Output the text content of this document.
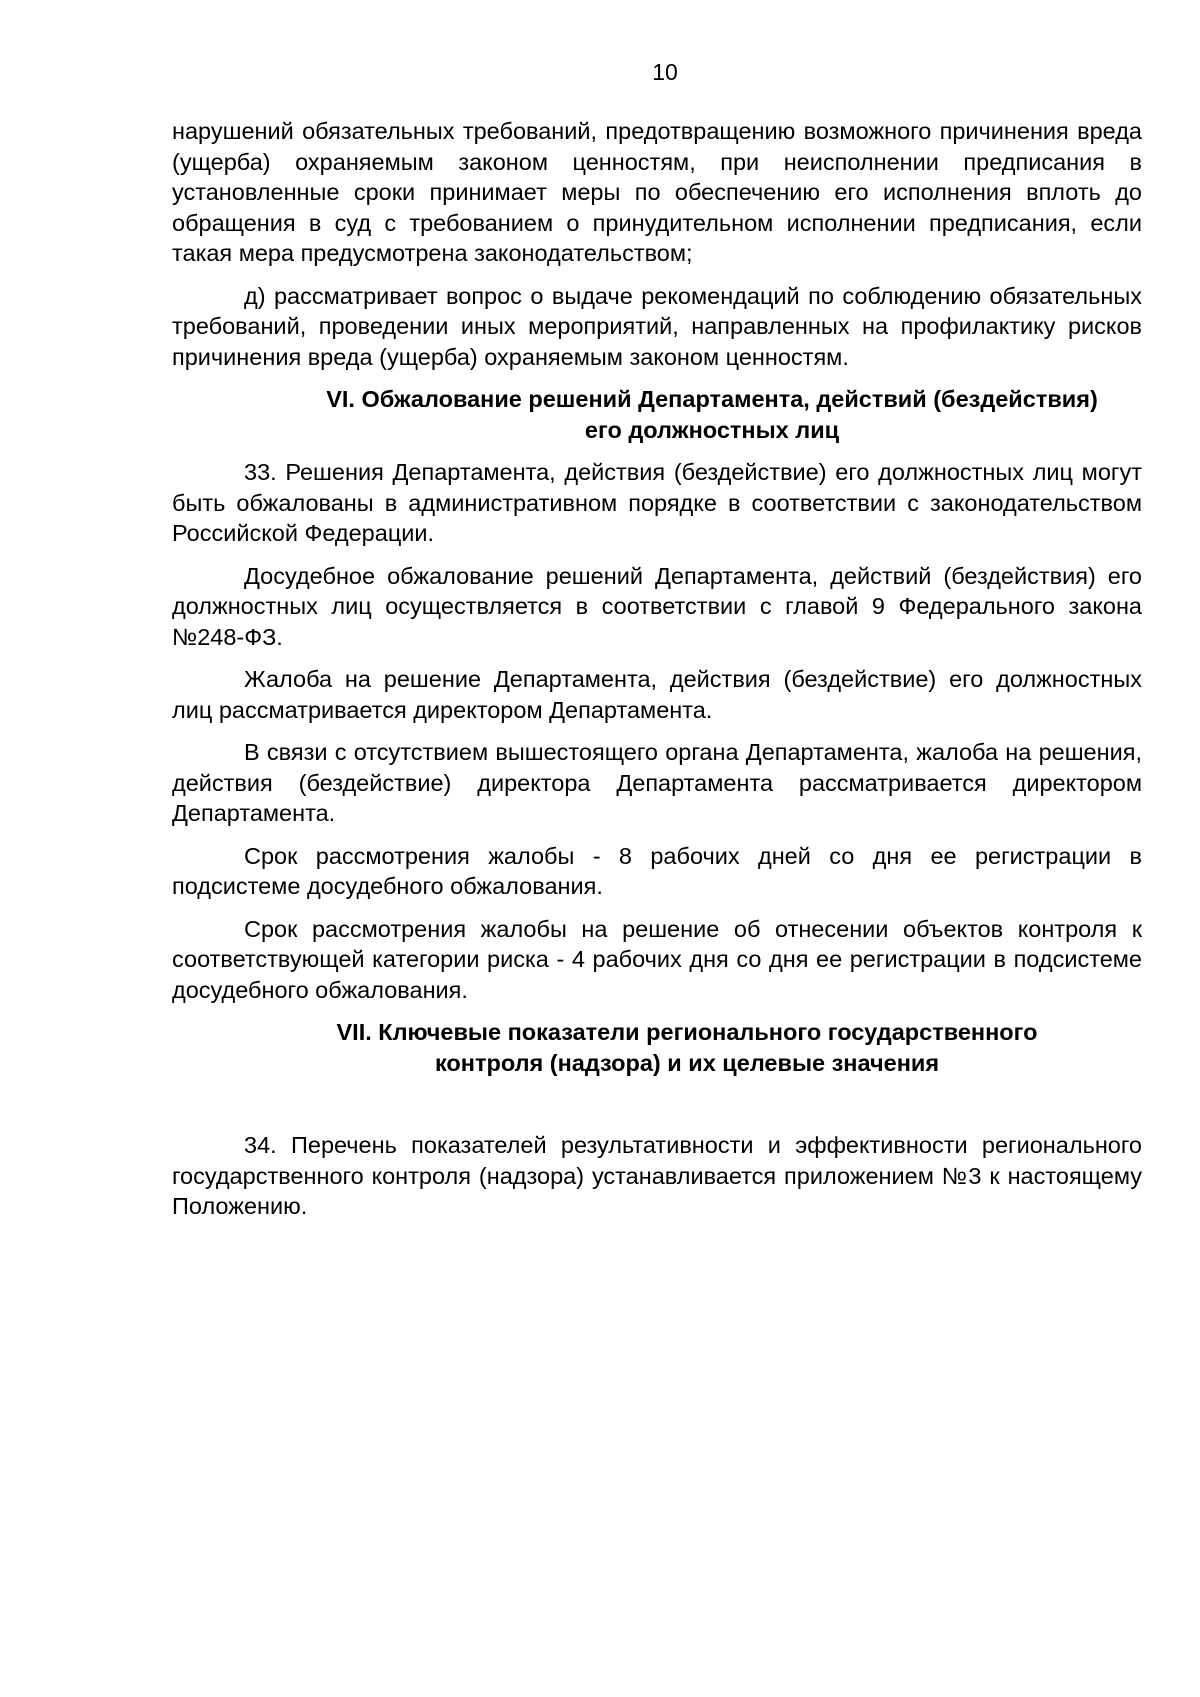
10

нарушений обязательных требований, предотвращению возможного причинения вреда (ущерба) охраняемым законом ценностям, при неисполнении предписания в установленные сроки принимает меры по обеспечению его исполнения вплоть до обращения в суд с требованием о принудительном исполнении предписания, если такая мера предусмотрена законодательством;

д) рассматривает вопрос о выдаче рекомендаций по соблюдению обязательных требований, проведении иных мероприятий, направленных на профилактику рисков причинения вреда (ущерба) охраняемым законом ценностям.

VI. Обжалование решений Департамента, действий (бездействия)
его должностных лиц

33. Решения Департамента, действия (бездействие) его должностных лиц могут быть обжалованы в административном порядке в соответствии с законодательством Российской Федерации.

Досудебное обжалование решений Департамента, действий (бездействия) его должностных лиц осуществляется в соответствии с главой 9 Федерального закона №248-ФЗ.

Жалоба на решение Департамента, действия (бездействие) его должностных лиц рассматривается директором Департамента.

В связи с отсутствием вышестоящего органа Департамента, жалоба на решения, действия (бездействие) директора Департамента рассматривается директором Департамента.

Срок рассмотрения жалобы - 8 рабочих дней со дня ее регистрации в подсистеме досудебного обжалования.

Срок рассмотрения жалобы на решение об отнесении объектов контроля к соответствующей категории риска - 4 рабочих дня со дня ее регистрации в подсистеме досудебного обжалования.

VII. Ключевые показатели регионального государственного
контроля (надзора) и их целевые значения

34. Перечень показателей результативности и эффективности регионального государственного контроля (надзора) устанавливается приложением №3 к настоящему Положению.
